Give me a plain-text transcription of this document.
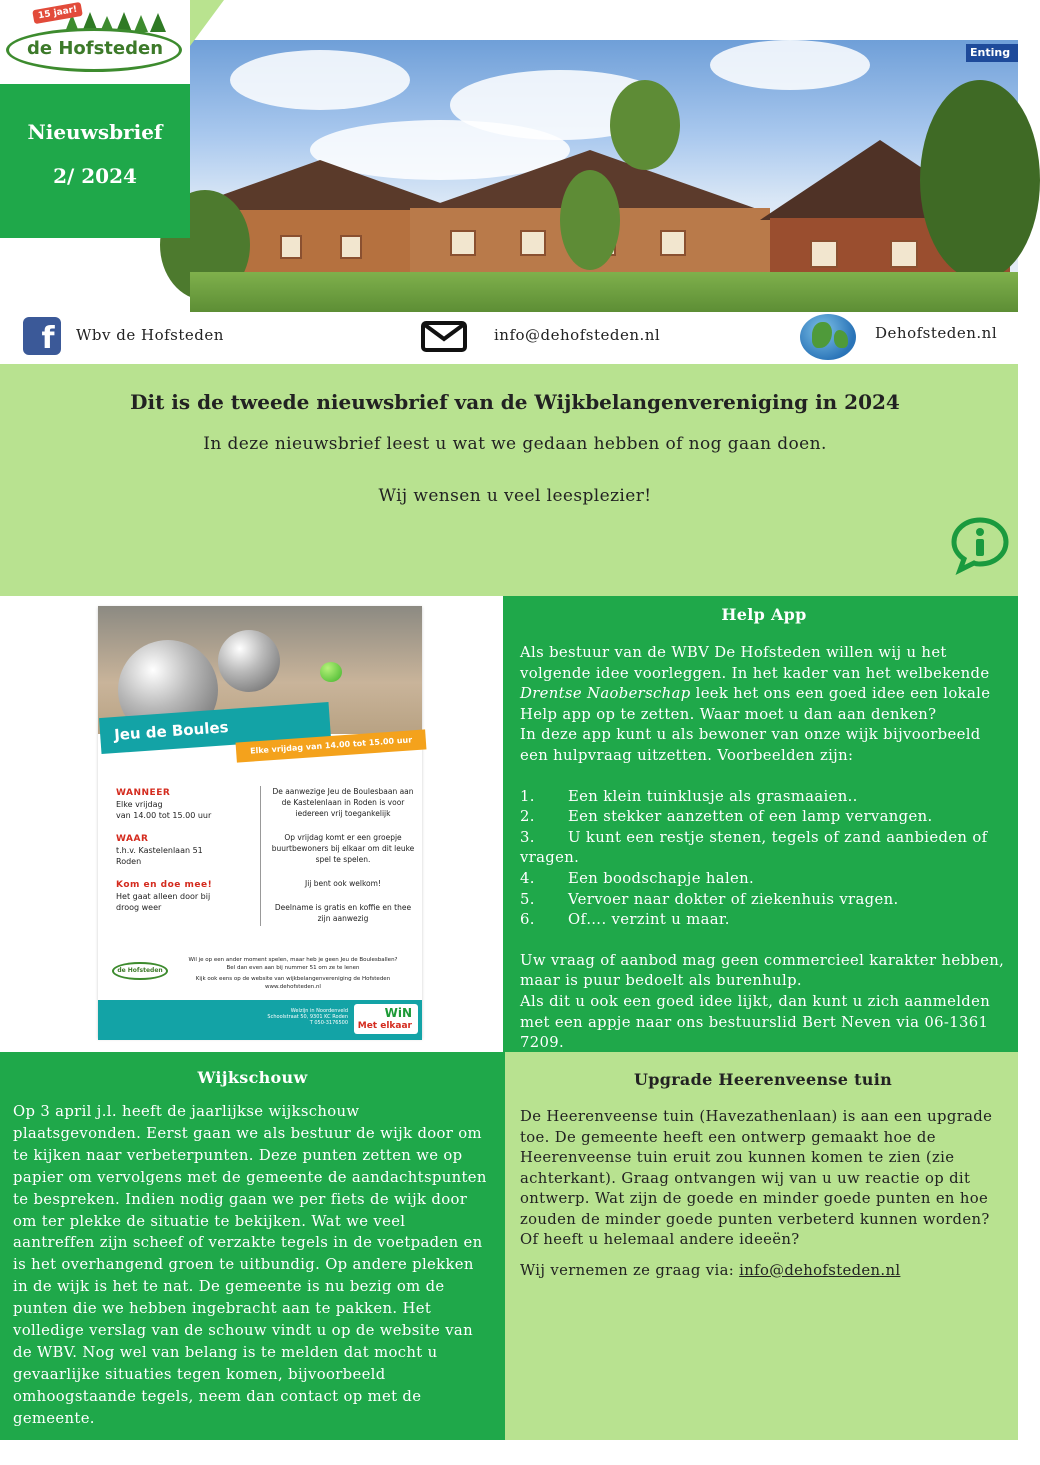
Enting
de Hofsteden
15 jaar!
Nieuwsbrief
2/ 2024
f	Wbv de Hofsteden	info@dehofsteden.nl	Dehofsteden.nl
Dit is de tweede nieuwsbrief van de Wijkbelangenvereniging in 2024
In deze nieuwsbrief leest u wat we gedaan hebben of nog gaan doen.
Wij wensen u veel leesplezier!
Jeu de Boules Kastelenlaan
Elke vrijdag van 14.00 tot 15.00 uur
WANNEER
Elke vrijdag
van 14.00 tot 15.00 uur
WAAR
t.h.v. Kastelenlaan 51
Roden
Kom en doe mee!
Het gaat alleen door bij
droog weer

De aanwezige Jeu de Boulesbaan aan de Kastelenlaan in Roden is voor iedereen vrij toegankelijk

Op vrijdag komt er een groepje buurtbewoners bij elkaar om dit leuke spel te spelen.

Jij bent ook welkom!

Deelname is gratis en koffie en thee zijn aanwezig

de Hofsteden
Wil je op een ander moment spelen, maar heb je geen Jeu de Boulesballen?
Bel dan even aan bij nummer 51 om ze te lenen
Kijk ook eens op de website van wijkbelangenvereniging de Hofsteden
www.dehofsteden.nl
Welzijn in Noordenveld
Schoolstraat 50, 9301 KC Roden
T 050-3176500
WiN
Met elkaar
Help App

Als bestuur van de WBV De Hofsteden willen wij u het volgende idee voorleggen. In het kader van het welbekende Drentse Naoberschap leek het ons een goed idee een lokale Help app op te zetten. Waar moet u dan aan denken?

In deze app kunt u als bewoner van onze wijk bijvoorbeeld een hulpvraag uitzetten. Voorbeelden zijn:

1. Een klein tuinklusje als grasmaaien..
2. Een stekker aanzetten of een lamp vervangen.
3. U kunt een restje stenen, tegels of zand aanbieden of vragen.
4. Een boodschapje halen.
5. Vervoer naar dokter of ziekenhuis vragen.
6. Of…. verzint u maar.

Uw vraag of aanbod mag geen commercieel karakter hebben, maar is puur bedoelt als burenhulp.

Als dit u ook een goed idee lijkt, dan kunt u zich aanmelden met een appje naar ons bestuurslid Bert Neven via 06-1361 7209.

Wijkschouw

Op 3 april j.l. heeft de jaarlijkse wijkschouw plaatsgevonden. Eerst gaan we als bestuur de wijk door om te kijken naar verbeterpunten. Deze punten zetten we op papier om vervolgens met de gemeente de aandachtspunten te bespreken. Indien nodig gaan we per fiets de wijk door om ter plekke de situatie te bekijken. Wat we veel aantreffen zijn scheef of verzakte tegels in de voetpaden en is het overhangend groen te uitbundig. Op andere plekken in de wijk is het te nat. De gemeente is nu bezig om de punten die we hebben ingebracht aan te pakken. Het volledige verslag van de schouw vindt u op de website van de WBV. Nog wel van belang is te melden dat mocht u gevaarlijke situaties tegen komen, bijvoorbeeld omhoogstaande tegels, neem dan contact op met de gemeente.

Dat kan via de website: www.noordenveld.nl

Upgrade Heerenveense tuin

De Heerenveense tuin (Havezathenlaan) is aan een upgrade toe. De gemeente heeft een ontwerp gemaakt hoe de Heerenveense tuin eruit zou kunnen komen te zien (zie achterkant). Graag ontvangen wij van u uw reactie op dit ontwerp. Wat zijn de goede en minder goede punten en hoe zouden de minder goede punten verbeterd kunnen worden? Of heeft u helemaal andere ideeën?

Wij vernemen ze graag via: info@dehofsteden.nl
